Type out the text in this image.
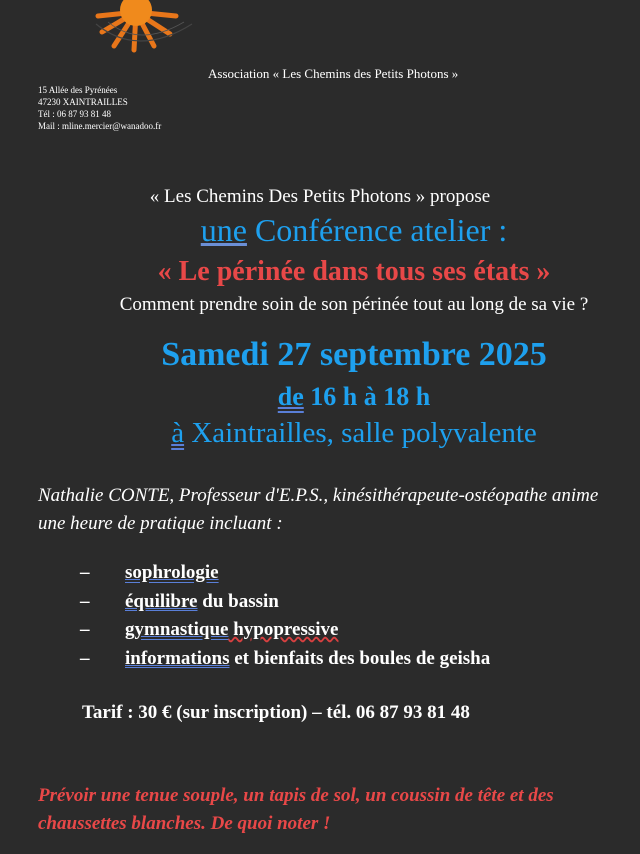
Association « Les Chemins des Petits Photons »
15 Allée des Pyrénées
47230 XAINTRAILLES
Tél : 06 87 93 81 48
Mail : mline.mercier@wanadoo.fr
« Les Chemins Des Petits Photons » propose
une Conférence atelier :
« Le périnée dans tous ses états »
Comment prendre soin de son périnée tout au long de sa vie ?
Samedi 27 septembre 2025
de 16 h à 18 h
à Xaintrailles, salle polyvalente
Nathalie CONTE, Professeur d'E.P.S., kinésithérapeute-ostéopathe anime une heure de pratique incluant :
– sophrologie
– équilibre du bassin
– gymnastique hypopressive
– informations et bienfaits des boules de geisha
Tarif : 30 € (sur inscription) – tél. 06 87 93 81 48
Prévoir une tenue souple, un tapis de sol, un coussin de tête et des chaussettes blanches. De quoi noter !
